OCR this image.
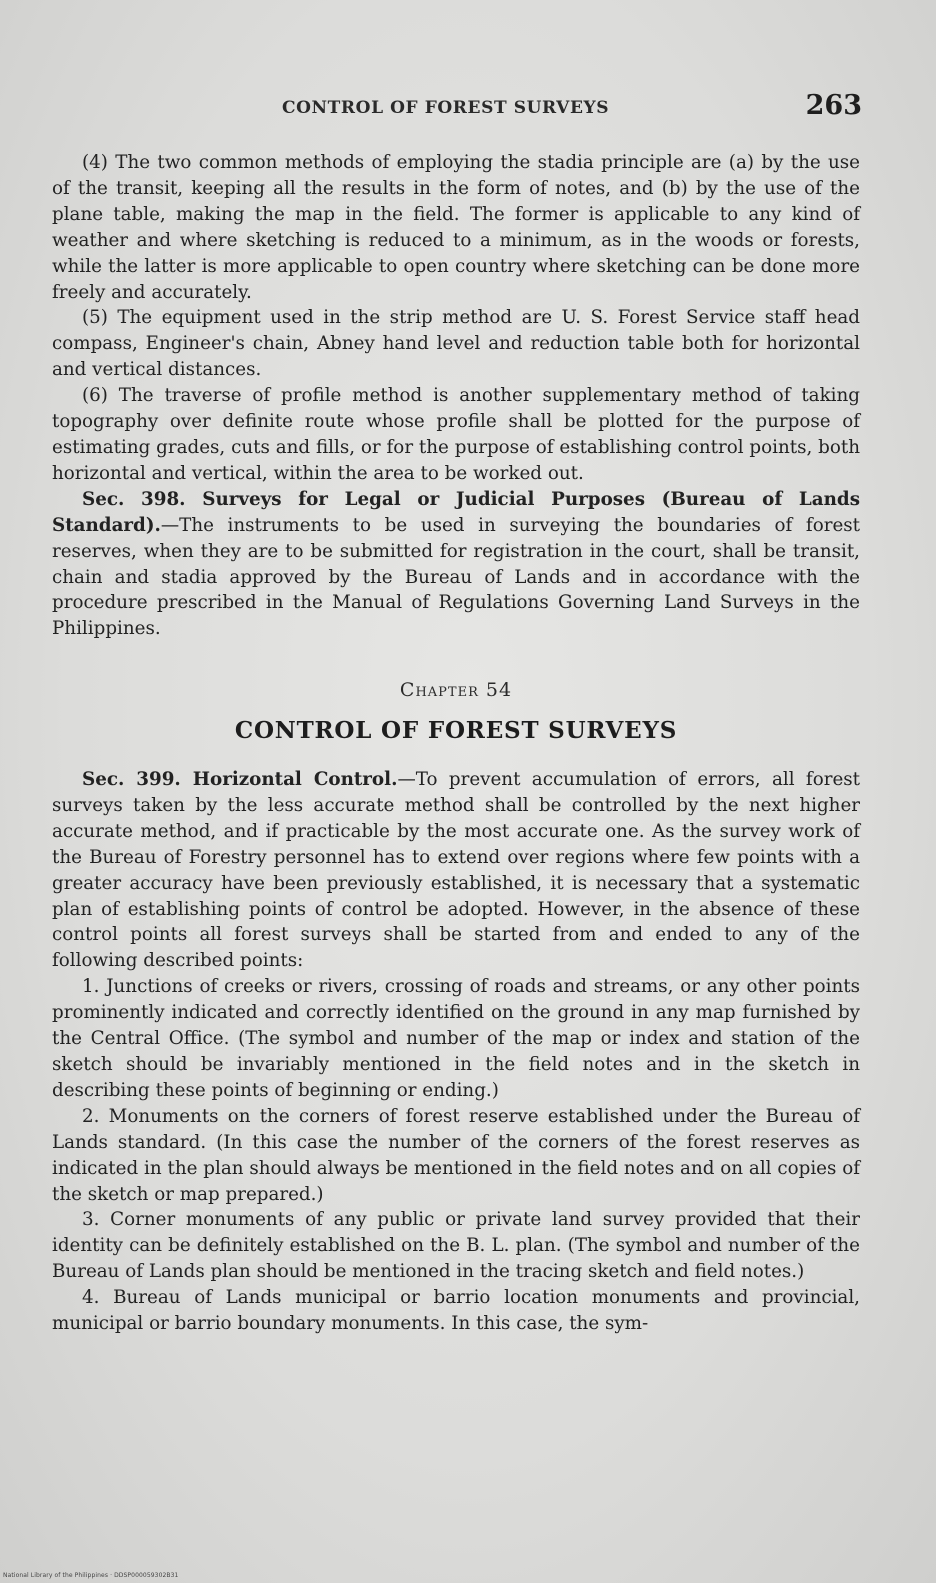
CONTROL OF FOREST SURVEYS	263

(4) The two common methods of employing the stadia principle are (a) by the use of the transit, keeping all the results in the form of notes, and (b) by the use of the plane table, making the map in the field. The former is applicable to any kind of weather and where sketching is reduced to a minimum, as in the woods or forests, while the latter is more applicable to open country where sketching can be done more freely and accurately.

(5) The equipment used in the strip method are U. S. Forest Service staff head compass, Engineer's chain, Abney hand level and reduction table both for horizontal and vertical distances.

(6) The traverse of profile method is another supplementary method of taking topography over definite route whose profile shall be plotted for the purpose of estimating grades, cuts and fills, or for the purpose of establishing control points, both horizontal and vertical, within the area to be worked out.

Sec. 398. Surveys for Legal or Judicial Purposes (Bureau of Lands Standard).—The instruments to be used in surveying the boundaries of forest reserves, when they are to be submitted for registration in the court, shall be transit, chain and stadia approved by the Bureau of Lands and in accordance with the procedure prescribed in the Manual of Regulations Governing Land Surveys in the Philippines.

Chapter 54

CONTROL OF FOREST SURVEYS

Sec. 399. Horizontal Control.—To prevent accumulation of errors, all forest surveys taken by the less accurate method shall be controlled by the next higher accurate method, and if practicable by the most accurate one. As the survey work of the Bureau of Forestry personnel has to extend over regions where few points with a greater accuracy have been previously established, it is necessary that a systematic plan of establishing points of control be adopted. However, in the absence of these control points all forest surveys shall be started from and ended to any of the following described points:

1. Junctions of creeks or rivers, crossing of roads and streams, or any other points prominently indicated and correctly identified on the ground in any map furnished by the Central Office. (The symbol and number of the map or index and station of the sketch should be invariably mentioned in the field notes and in the sketch in describing these points of beginning or ending.)

2. Monuments on the corners of forest reserve established under the Bureau of Lands standard. (In this case the number of the corners of the forest reserves as indicated in the plan should always be mentioned in the field notes and on all copies of the sketch or map prepared.)

3. Corner monuments of any public or private land survey provided that their identity can be definitely established on the B. L. plan. (The symbol and number of the Bureau of Lands plan should be mentioned in the tracing sketch and field notes.)

4. Bureau of Lands municipal or barrio location monuments and provincial, municipal or barrio boundary monuments. In this case, the sym-

National Library of the Philippines · DDSP000059302B31
